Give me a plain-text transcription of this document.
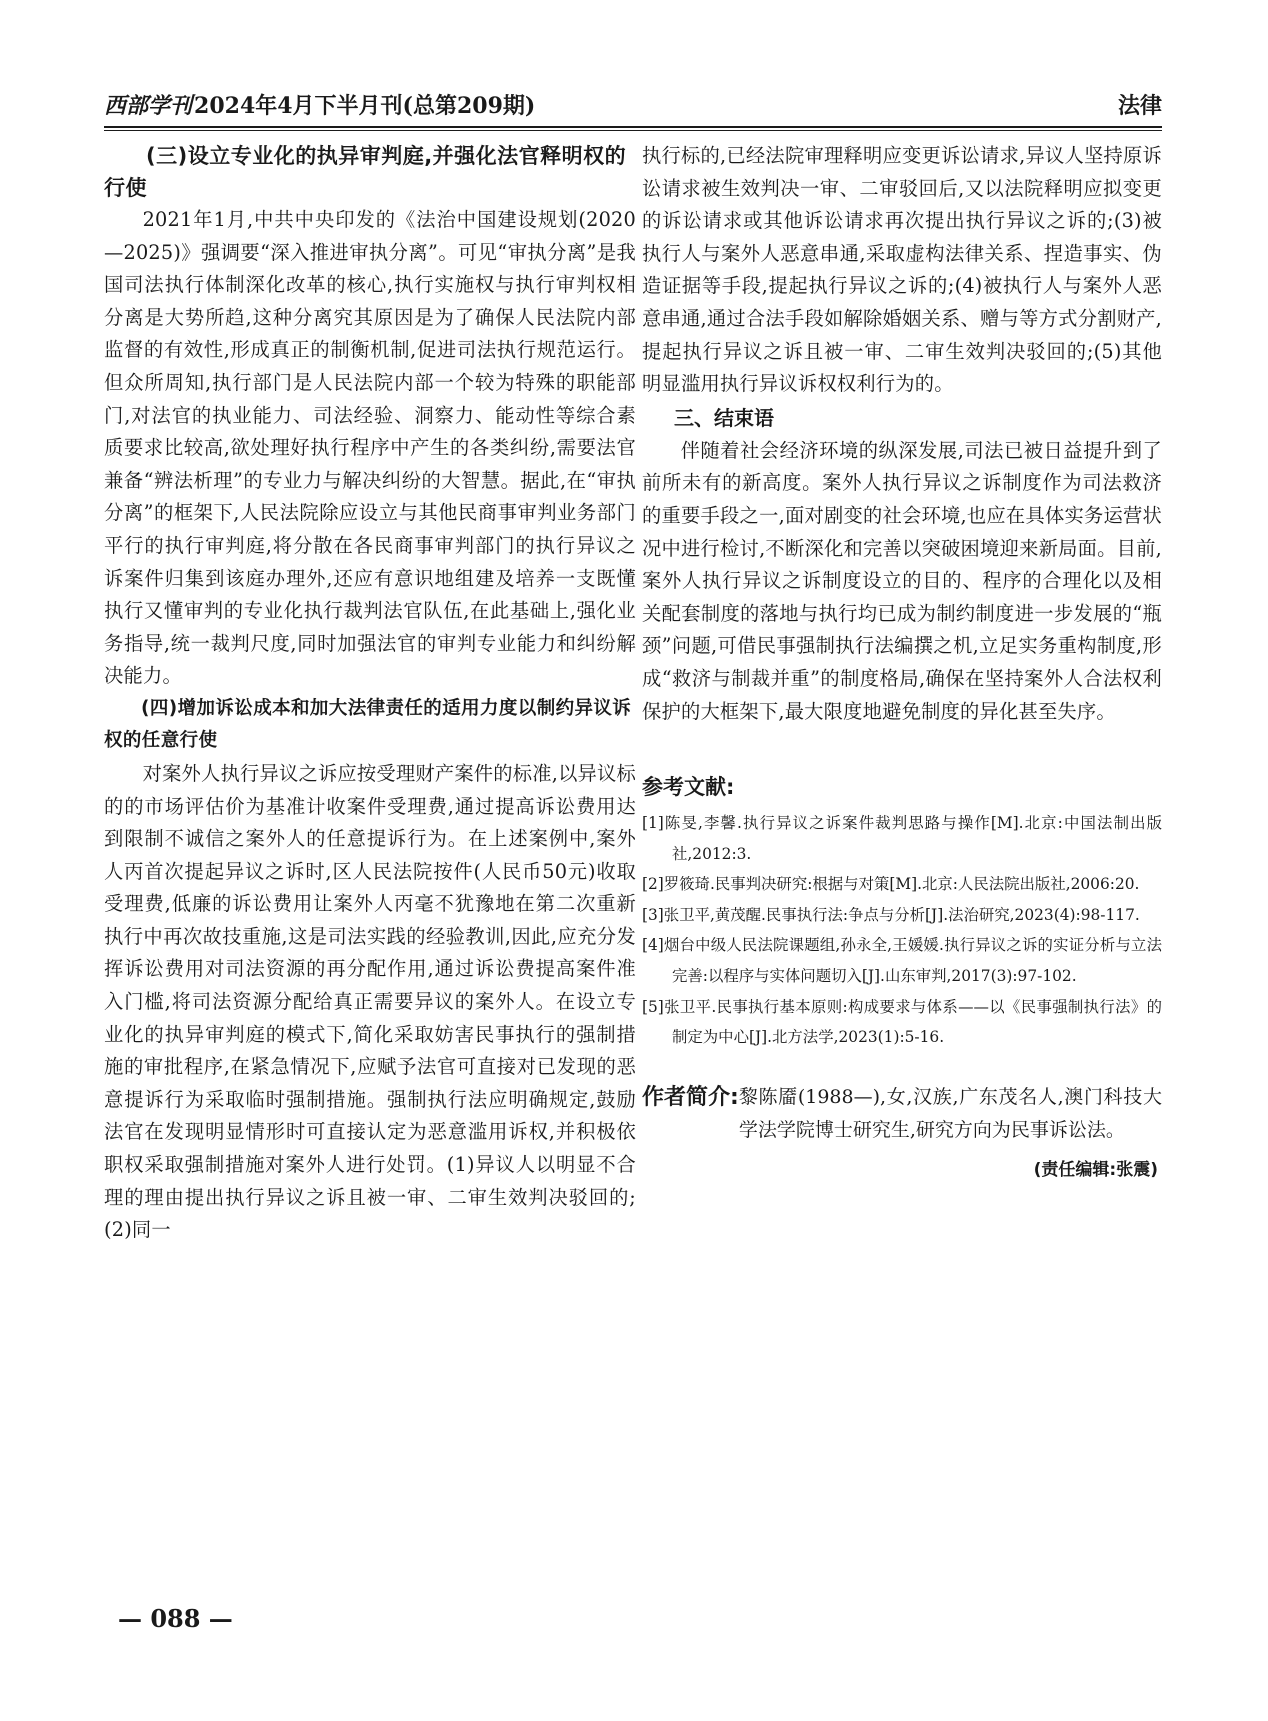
西部学刊2024年4月下半月刊(总第209期)	法律
(三)设立专业化的执异审判庭,并强化法官释明权的行使

2021年1月,中共中央印发的《法治中国建设规划(2020—2025)》强调要“深入推进审执分离”。可见“审执分离”是我国司法执行体制深化改革的核心,执行实施权与执行审判权相分离是大势所趋,这种分离究其原因是为了确保人民法院内部监督的有效性,形成真正的制衡机制,促进司法执行规范运行。但众所周知,执行部门是人民法院内部一个较为特殊的职能部门,对法官的执业能力、司法经验、洞察力、能动性等综合素质要求比较高,欲处理好执行程序中产生的各类纠纷,需要法官兼备“辨法析理”的专业力与解决纠纷的大智慧。据此,在“审执分离”的框架下,人民法院除应设立与其他民商事审判业务部门平行的执行审判庭,将分散在各民商事审判部门的执行异议之诉案件归集到该庭办理外,还应有意识地组建及培养一支既懂执行又懂审判的专业化执行裁判法官队伍,在此基础上,强化业务指导,统一裁判尺度,同时加强法官的审判专业能力和纠纷解决能力。

(四)增加诉讼成本和加大法律责任的适用力度以制约异议诉权的任意行使

对案外人执行异议之诉应按受理财产案件的标准,以异议标的的市场评估价为基准计收案件受理费,通过提高诉讼费用达到限制不诚信之案外人的任意提诉行为。在上述案例中,案外人丙首次提起异议之诉时,区人民法院按件(人民币50元)收取受理费,低廉的诉讼费用让案外人丙毫不犹豫地在第二次重新执行中再次故技重施,这是司法实践的经验教训,因此,应充分发挥诉讼费用对司法资源的再分配作用,通过诉讼费提高案件准入门槛,将司法资源分配给真正需要异议的案外人。在设立专业化的执异审判庭的模式下,简化采取妨害民事执行的强制措施的审批程序,在紧急情况下,应赋予法官可直接对已发现的恶意提诉行为采取临时强制措施。强制执行法应明确规定,鼓励法官在发现明显情形时可直接认定为恶意滥用诉权,并积极依职权采取强制措施对案外人进行处罚。(1)异议人以明显不合理的理由提出执行异议之诉且被一审、二审生效判决驳回的;(2)同一

执行标的,已经法院审理释明应变更诉讼请求,异议人坚持原诉讼请求被生效判决一审、二审驳回后,又以法院释明应拟变更的诉讼请求或其他诉讼请求再次提出执行异议之诉的;(3)被执行人与案外人恶意串通,采取虚构法律关系、捏造事实、伪造证据等手段,提起执行异议之诉的;(4)被执行人与案外人恶意串通,通过合法手段如解除婚姻关系、赠与等方式分割财产,提起执行异议之诉且被一审、二审生效判决驳回的;(5)其他明显滥用执行异议诉权权利行为的。

三、结束语

伴随着社会经济环境的纵深发展,司法已被日益提升到了前所未有的新高度。案外人执行异议之诉制度作为司法救济的重要手段之一,面对剧变的社会环境,也应在具体实务运营状况中进行检讨,不断深化和完善以突破困境迎来新局面。目前,案外人执行异议之诉制度设立的目的、程序的合理化以及相关配套制度的落地与执行均已成为制约制度进一步发展的“瓶颈”问题,可借民事强制执行法编撰之机,立足实务重构制度,形成“救济与制裁并重”的制度格局,确保在坚持案外人合法权利保护的大框架下,最大限度地避免制度的异化甚至失序。

参考文献:

[1]陈旻,李馨.执行异议之诉案件裁判思路与操作[M].北京:中国法制出版社,2012:3.

[2]罗筱琦.民事判决研究:根据与对策[M].北京:人民法院出版社,2006:20.

[3]张卫平,黄茂醒.民事执行法:争点与分析[J].法治研究,2023(4):98-117.

[4]烟台中级人民法院课题组,孙永全,王媛媛.执行异议之诉的实证分析与立法完善:以程序与实体问题切入[J].山东审判,2017(3):97-102.

[5]张卫平.民事执行基本原则:构成要求与体系——以《民事强制执行法》的制定为中心[J].北方法学,2023(1):5-16.

作者简介: 黎陈靥(1988—),女,汉族,广东茂名人,澳门科技大学法学院博士研究生,研究方向为民事诉讼法。
(责任编辑:张震)
— 088 —
